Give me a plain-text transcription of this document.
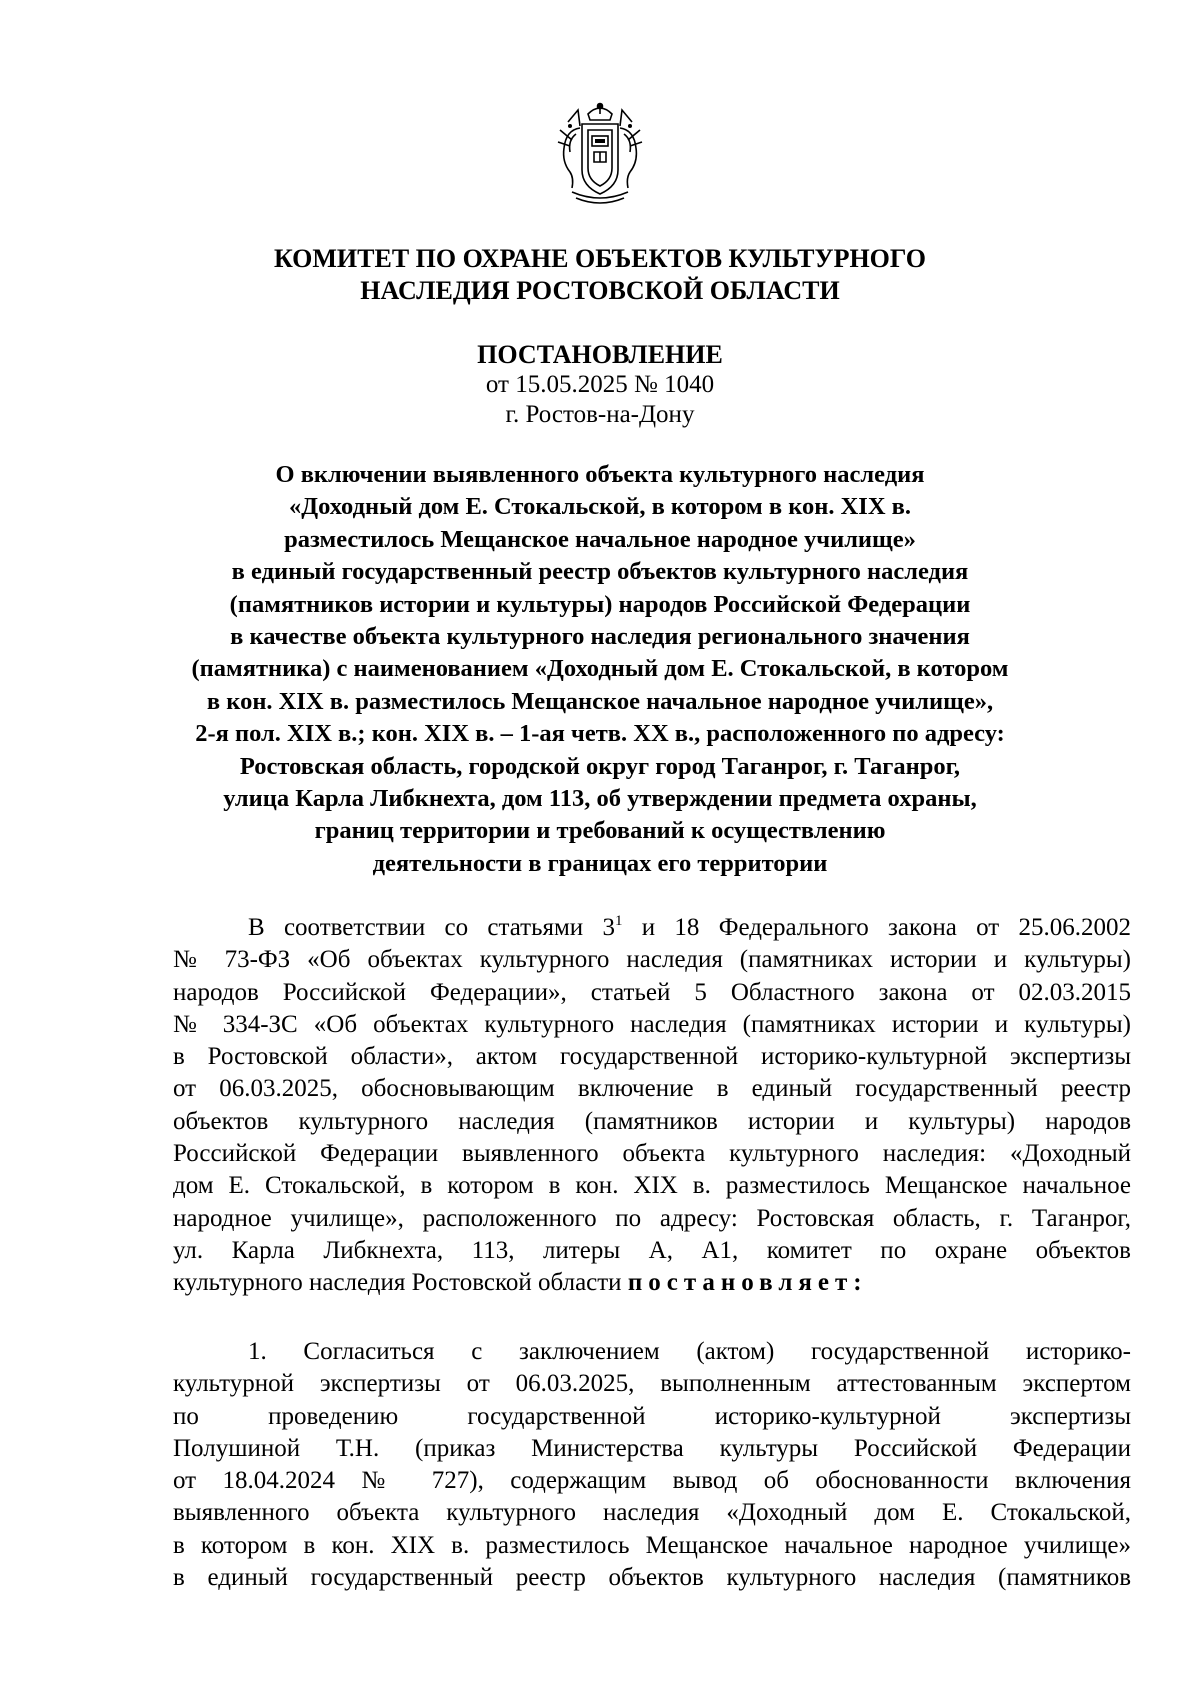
КОМИТЕТ ПО ОХРАНЕ ОБЪЕКТОВ КУЛЬТУРНОГО
НАСЛЕДИЯ РОСТОВСКОЙ ОБЛАСТИ
ПОСТАНОВЛЕНИЕ
от 15.05.2025 № 1040
г. Ростов-на-Дону
О включении выявленного объекта культурного наследия
«Доходный дом Е. Стокальской, в котором в кон. XIX в.
разместилось Мещанское начальное народное училище»
в единый государственный реестр объектов культурного наследия
(памятников истории и культуры) народов Российской Федерации
в качестве объекта культурного наследия регионального значения
(памятника) с наименованием «Доходный дом Е. Стокальской, в котором
в кон. XIX в. разместилось Мещанское начальное народное училище»,
2-я пол. XIX в.; кон. XIX в. – 1-ая четв. XX в., расположенного по адресу:
Ростовская область, городской округ город Таганрог, г. Таганрог,
улица Карла Либкнехта, дом 113, об утверждении предмета охраны,
границ территории и требований к осуществлению
деятельности в границах его территории
В соответствии со статьями $3^1$ и 18 Федерального закона от 25.06.2002
№ 73-ФЗ «Об объектах культурного наследия (памятниках истории и культуры)
народов Российской Федерации», статьей 5 Областного закона от 02.03.2015
№ 334-ЗС «Об объектах культурного наследия (памятниках истории и культуры)
в Ростовской области», актом государственной историко-культурной экспертизы
от 06.03.2025, обосновывающим включение в единый государственный реестр
объектов культурного наследия (памятников истории и культуры) народов
Российской Федерации выявленного объекта культурного наследия: «Доходный
дом Е. Стокальской, в котором в кон. XIX в. разместилось Мещанское начальное
народное училище», расположенного по адресу: Ростовская область, г. Таганрог,
ул. Карла Либкнехта, 113, литеры А, А1, комитет по охране объектов
культурного наследия Ростовской области постановляет:
1. Согласиться с заключением (актом) государственной историко-
культурной экспертизы от 06.03.2025, выполненным аттестованным экспертом
по проведению государственной историко-культурной экспертизы
Полушиной Т.Н. (приказ Министерства культуры Российской Федерации
от 18.04.2024 № 727), содержащим вывод об обоснованности включения
выявленного объекта культурного наследия «Доходный дом Е. Стокальской,
в котором в кон. XIX в. разместилось Мещанское начальное народное училище»
в единый государственный реестр объектов культурного наследия (памятников
